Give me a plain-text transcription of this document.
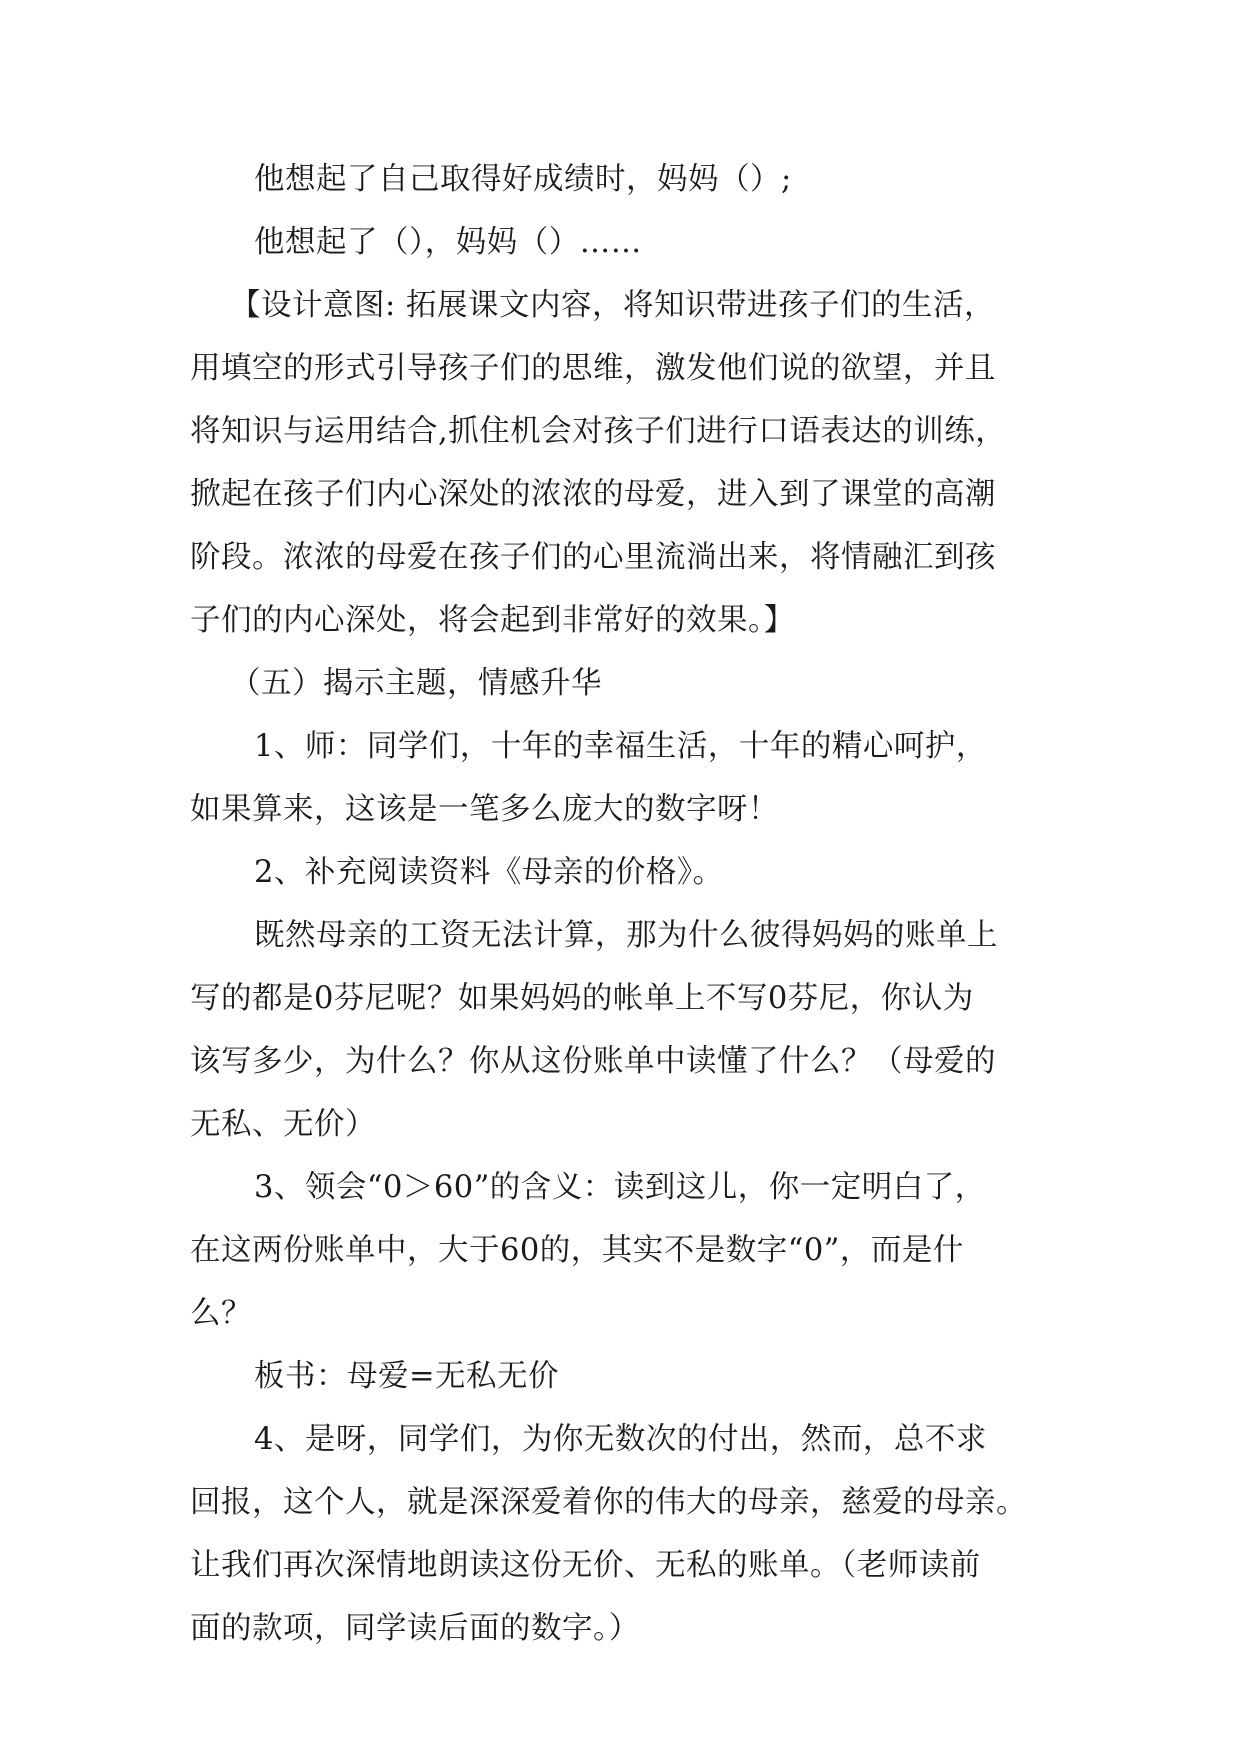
他想起了自己取得好成绩时，妈妈（）;
他想起了（），妈妈（）……
【设计意图: 拓展课文内容，将知识带进孩子们的生活，
用填空的形式引导孩子们的思维，激发他们说的欲望，并且
将知识与运用结合,抓住机会对孩子们进行口语表达的训练，
掀起在孩子们内心深处的浓浓的母爱，进入到了课堂的高潮
阶段。浓浓的母爱在孩子们的心里流淌出来，将情融汇到孩
子们的内心深处，将会起到非常好的效果。】
（五）揭示主题，情感升华
1、师：同学们，十年的幸福生活，十年的精心呵护，
如果算来，这该是一笔多么庞大的数字呀！
2、补充阅读资料《母亲的价格》。
既然母亲的工资无法计算，那为什么彼得妈妈的账单上
写的都是0芬尼呢？如果妈妈的帐单上不写0芬尼，你认为
该写多少，为什么？你从这份账单中读懂了什么？（母爱的
无私、无价）
3、领会“0＞60”的含义：读到这儿，你一定明白了，
在这两份账单中，大于60的，其实不是数字“0”，而是什
么？
板书：母爱=无私无价
4、是呀，同学们，为你无数次的付出，然而，总不求
回报，这个人，就是深深爱着你的伟大的母亲，慈爱的母亲。
让我们再次深情地朗读这份无价、无私的账单。（老师读前
面的款项，同学读后面的数字。）
